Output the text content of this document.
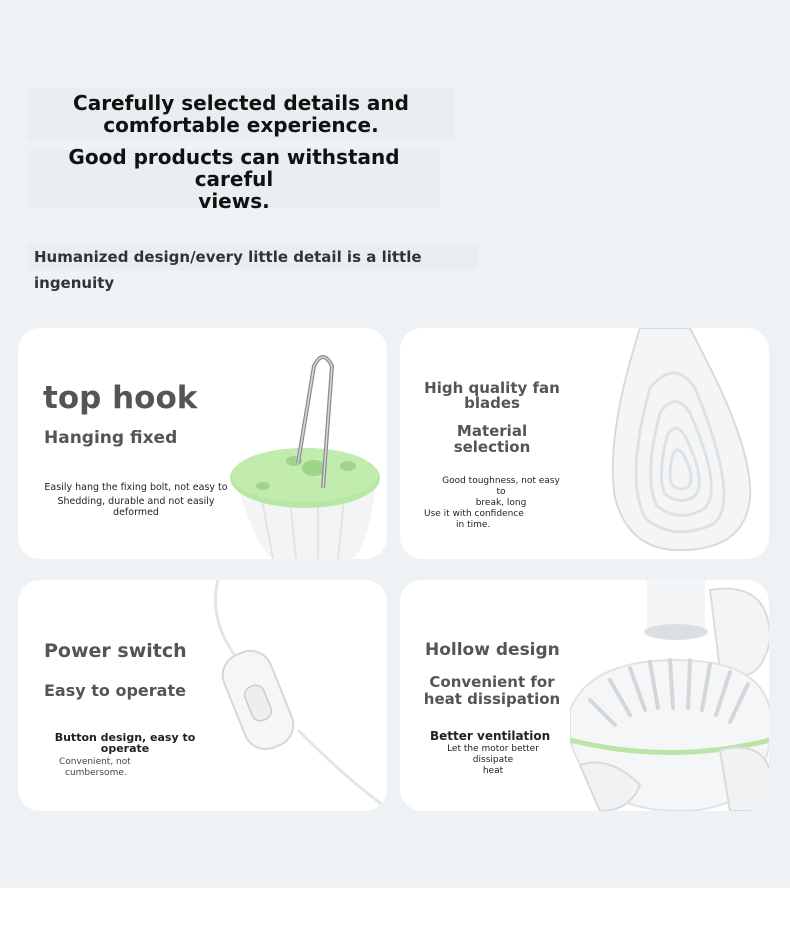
Carefully selected details and
comfortable experience.
Good products can withstand careful
views.
Humanized design/every little detail is a little ingenuity
top hook
Hanging fixed
Easily hang the fixing bolt, not easy to
Shedding, durable and not easily
deformed
High quality fan
blades
Material
selection
Good toughness, not easy to
break, long
Use it with confidence
in time.
Power switch
Easy to operate
Button design, easy to operate
Convenient, not
cumbersome.
Hollow design
Convenient for
heat dissipation
Better ventilation
Let the motor better dissipate
heat
